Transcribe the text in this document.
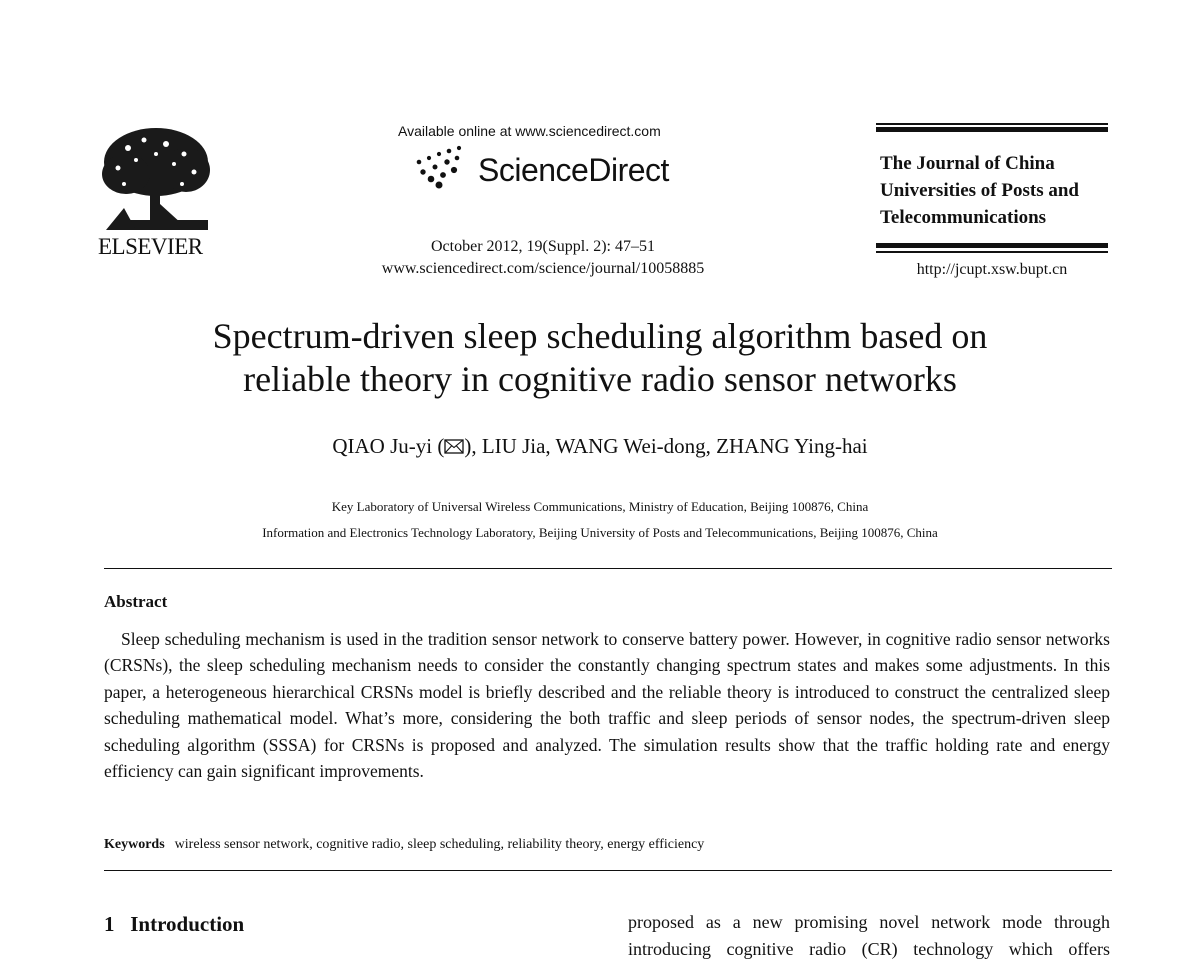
ELSEVIER
Available online at www.sciencedirect.com
ScienceDirect
October 2012, 19(Suppl. 2): 47–51
www.sciencedirect.com/science/journal/10058885
The Journal of China
Universities of Posts and
Telecommunications
http://jcupt.xsw.bupt.cn
Spectrum-driven sleep scheduling algorithm based on
reliable theory in cognitive radio sensor networks
QIAO Ju-yi ( ), LIU Jia, WANG Wei-dong, ZHANG Ying-hai
Key Laboratory of Universal Wireless Communications, Ministry of Education, Beijing 100876, China
Information and Electronics Technology Laboratory, Beijing University of Posts and Telecommunications, Beijing 100876, China
Abstract
Sleep scheduling mechanism is used in the tradition sensor network to conserve battery power. However, in cognitive radio sensor networks (CRSNs), the sleep scheduling mechanism needs to consider the constantly changing spectrum states and makes some adjustments. In this paper, a heterogeneous hierarchical CRSNs model is briefly described and the reliable theory is introduced to construct the centralized sleep scheduling mathematical model. What’s more, considering the both traffic and sleep periods of sensor nodes, the spectrum-driven sleep scheduling algorithm (SSSA) for CRSNs is proposed and analyzed. The simulation results show that the traffic holding rate and energy efficiency can gain significant improvements.
Keywords wireless sensor network, cognitive radio, sleep scheduling, reliability theory, energy efficiency
1   Introduction	proposed as a new promising novel network mode through
introducing cognitive radio (CR) technology which offers
